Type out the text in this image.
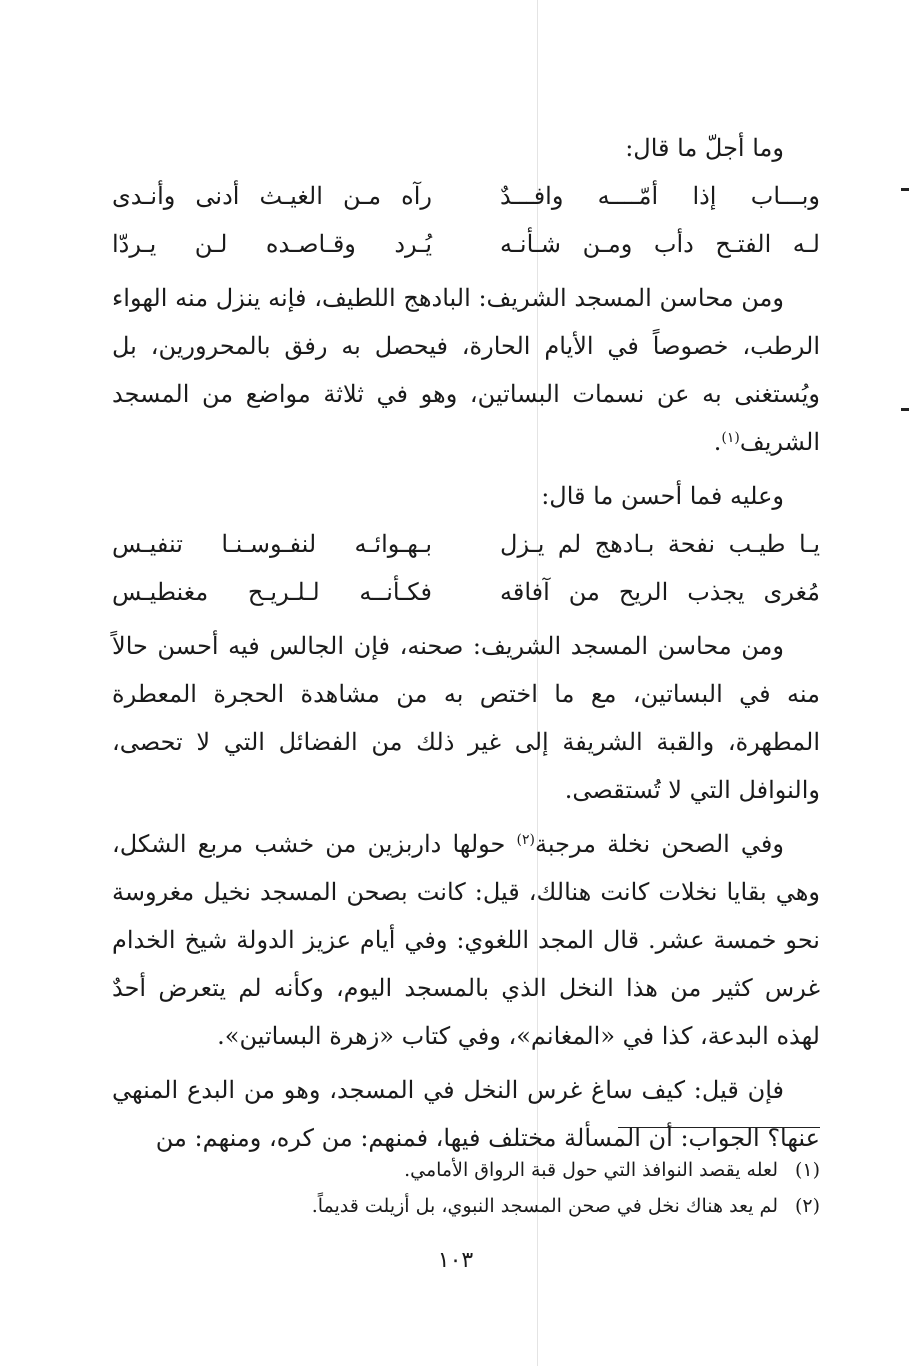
وما أجلّ ما قال:

وبـــاب إذا أمّــــه وافـــدٌ
رآه مـن الغيـث أدنى وأنـدى
لـه الفتـح دأب ومـن شـأنـه
يُـرد وقـاصـده لـن يـردّا

ومن محاسن المسجد الشريف: البادهج اللطيف، فإنه ينزل منه الهواء الرطب، خصوصاً في الأيام الحارة، فيحصل به رفق بالمحرورين، بل ويُستغنى به عن نسمات البساتين، وهو في ثلاثة مواضع من المسجد الشريف$^{(١)}$.

وعليه فما أحسن ما قال:

يـا طيـب نفحة بـادهج لم يـزل
بـهـوائـه لنفـوسـنـا تنفيـس
مُغرى يجذب الريح من آفاقه
فكـأنــه لـلـريـح مغنطيـس

ومن محاسن المسجد الشريف: صحنه، فإن الجالس فيه أحسن حالاً منه في البساتين، مع ما اختص به من مشاهدة الحجرة المعطرة المطهرة، والقبة الشريفة إلى غير ذلك من الفضائل التي لا تحصى، والنوافل التي لا تُستقصى.

وفي الصحن نخلة مرجبة$^{(٢)}$ حولها داربزين من خشب مربع الشكل، وهي بقايا نخلات كانت هنالك، قيل: كانت بصحن المسجد نخيل مغروسة نحو خمسة عشر. قال المجد اللغوي: وفي أيام عزيز الدولة شيخ الخدام غرس كثير من هذا النخل الذي بالمسجد اليوم، وكأنه لم يتعرض أحدٌ لهذه البدعة، كذا في «المغانم»، وفي كتاب «زهرة البساتين».

فإن قيل: كيف ساغ غرس النخل في المسجد، وهو من البدع المنهي عنها؟ الجواب: أن المسألة مختلف فيها، فمنهم: من كره، ومنهم: من

(١)لعله يقصد النوافذ التي حول قبة الرواق الأمامي.

(٢)لم يعد هناك نخل في صحن المسجد النبوي، بل أزيلت قديماً.

١٠٣
